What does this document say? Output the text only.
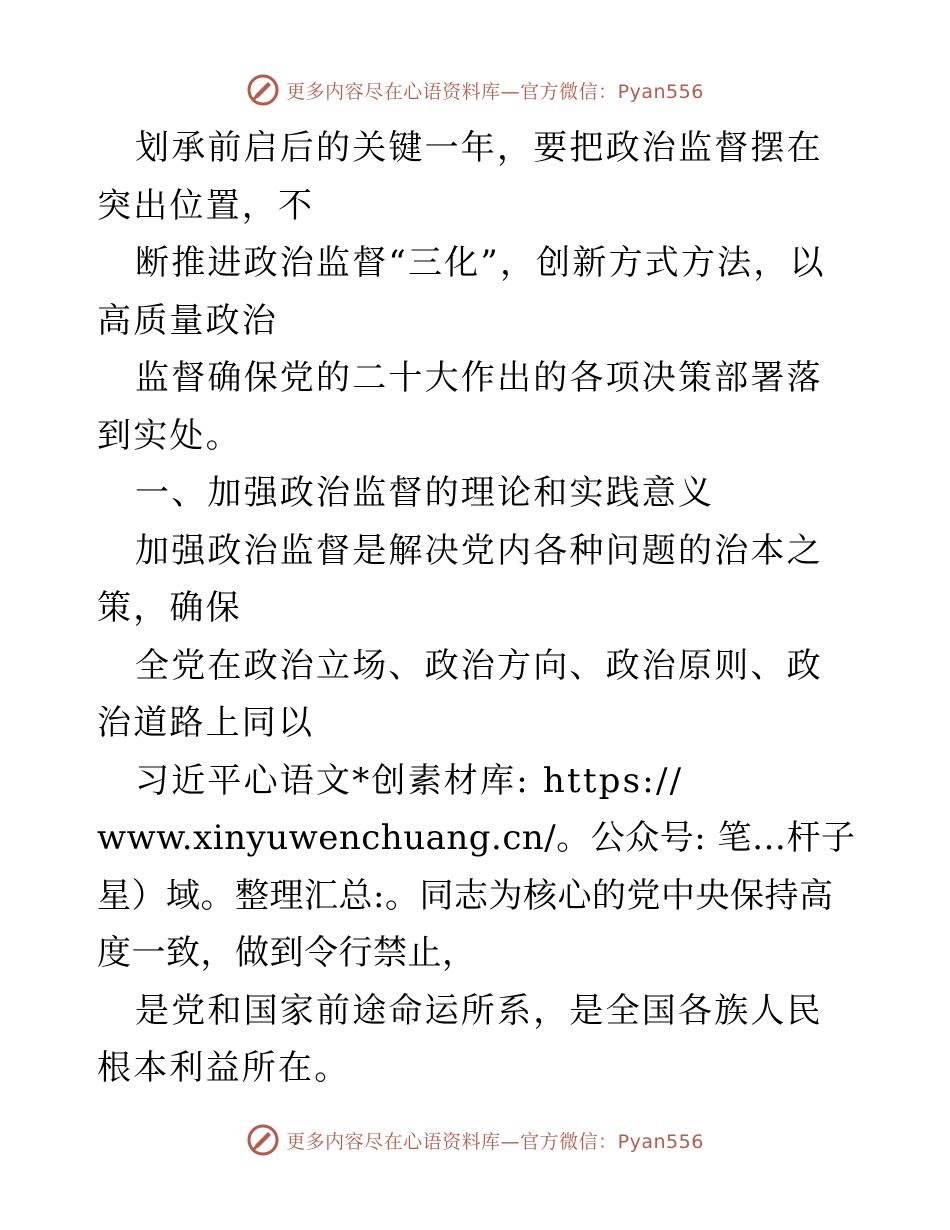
更多内容尽在心语资料库—官方微信：Pyan556

划承前启后的关键一年，要把政治监督摆在突出位置，不

断推进政治监督“三化”，创新方式方法，以高质量政治

监督确保党的二十大作出的各项决策部署落到实处。

一、加强政治监督的理论和实践意义

加强政治监督是解决党内各种问题的治本之策，确保

全党在政治立场、政治方向、政治原则、政治道路上同以

习近平心语文*创素材库: https://

www.xinyuwenchuang.cn/。公众号: 笔…杆子星）域。整理汇总:。同志为核心的党中央保持高度一致，做到令行禁止，

是党和国家前途命运所系，是全国各族人民根本利益所在。

更多内容尽在心语资料库—官方微信：Pyan556
